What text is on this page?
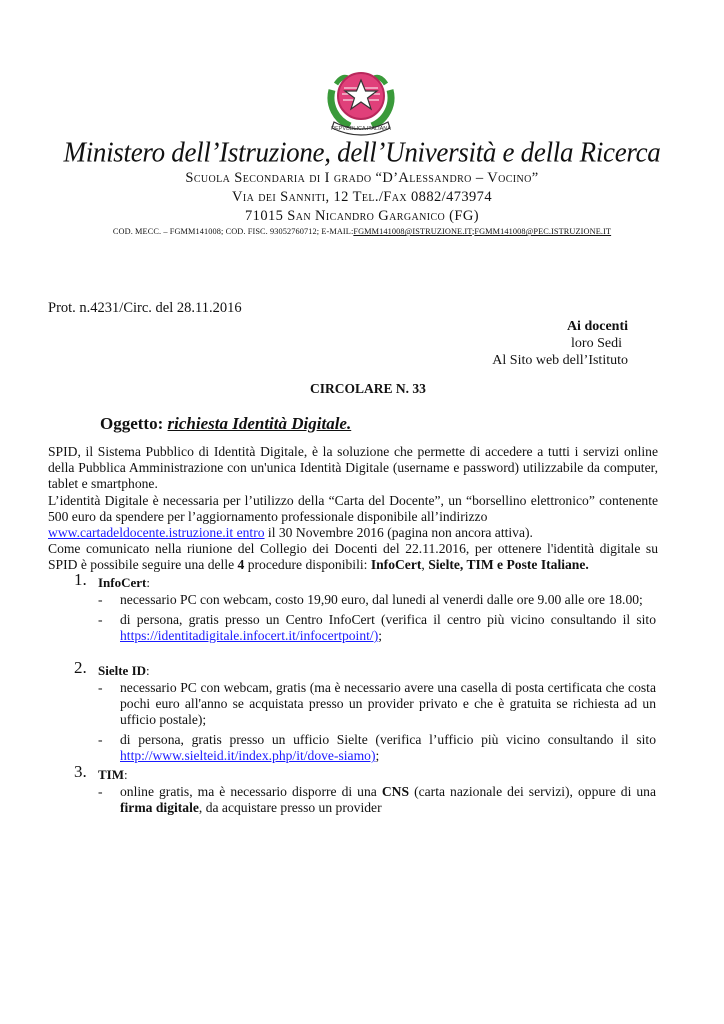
REPVBBLICA ITALIANA
Ministero dell’Istruzione, dell’Università e della Ricerca
Scuola Secondaria di I grado “D’Alessandro – Vocino”
Via dei Sanniti, 12 Tel./Fax 0882/473974
71015 San Nicandro Garganico (FG)
COD. MECC. – FGMM141008; COD. FISC. 93052760712; E-MAIL:FGMM141008@ISTRUZIONE.IT;FGMM141008@PEC.ISTRUZIONE.IT
Prot. n.4231/Circ. del 28.11.2016
Ai docenti
loro Sedi
Al Sito web dell’Istituto
CIRCOLARE N. 33
Oggetto: richiesta Identità Digitale.

SPID, il Sistema Pubblico di Identità Digitale, è la soluzione che permette di accedere a tutti i servizi online della Pubblica Amministrazione con un'unica Identità Digitale (username e password) utilizzabile da computer, tablet e smartphone.

L’identità Digitale è necessaria per l’utilizzo della “Carta del Docente”, un “borsellino elettronico” contenente 500 euro da spendere per l’aggiornamento professionale disponibile all’indirizzo
www.cartadeldocente.istruzione.it entro il 30 Novembre 2016 (pagina non ancora attiva).

Come comunicato nella riunione del Collegio dei Docenti del 22.11.2016, per ottenere l'identità digitale su SPID è possibile seguire una delle 4 procedure disponibili: InfoCert, Sielte, TIM e Poste Italiane.

1. InfoCert:
- necessario PC con webcam, costo 19,90 euro, dal lunedi al venerdi dalle ore 9.00 alle ore 18.00;
- di persona, gratis presso un Centro InfoCert (verifica il centro più vicino consultando il sito https://identitadigitale.infocert.it/infocertpoint/);
2. Sielte ID:
- necessario PC con webcam, gratis (ma è necessario avere una casella di posta certificata che costa pochi euro all'anno se acquistata presso un provider privato e che è gratuita se richiesta ad un ufficio postale);
- di persona, gratis presso un ufficio Sielte (verifica l’ufficio più vicino consultando il sito http://www.sielteid.it/index.php/it/dove-siamo);
3. TIM:
- online gratis, ma è necessario disporre di una CNS (carta nazionale dei servizi), oppure di una firma digitale, da acquistare presso un provider
